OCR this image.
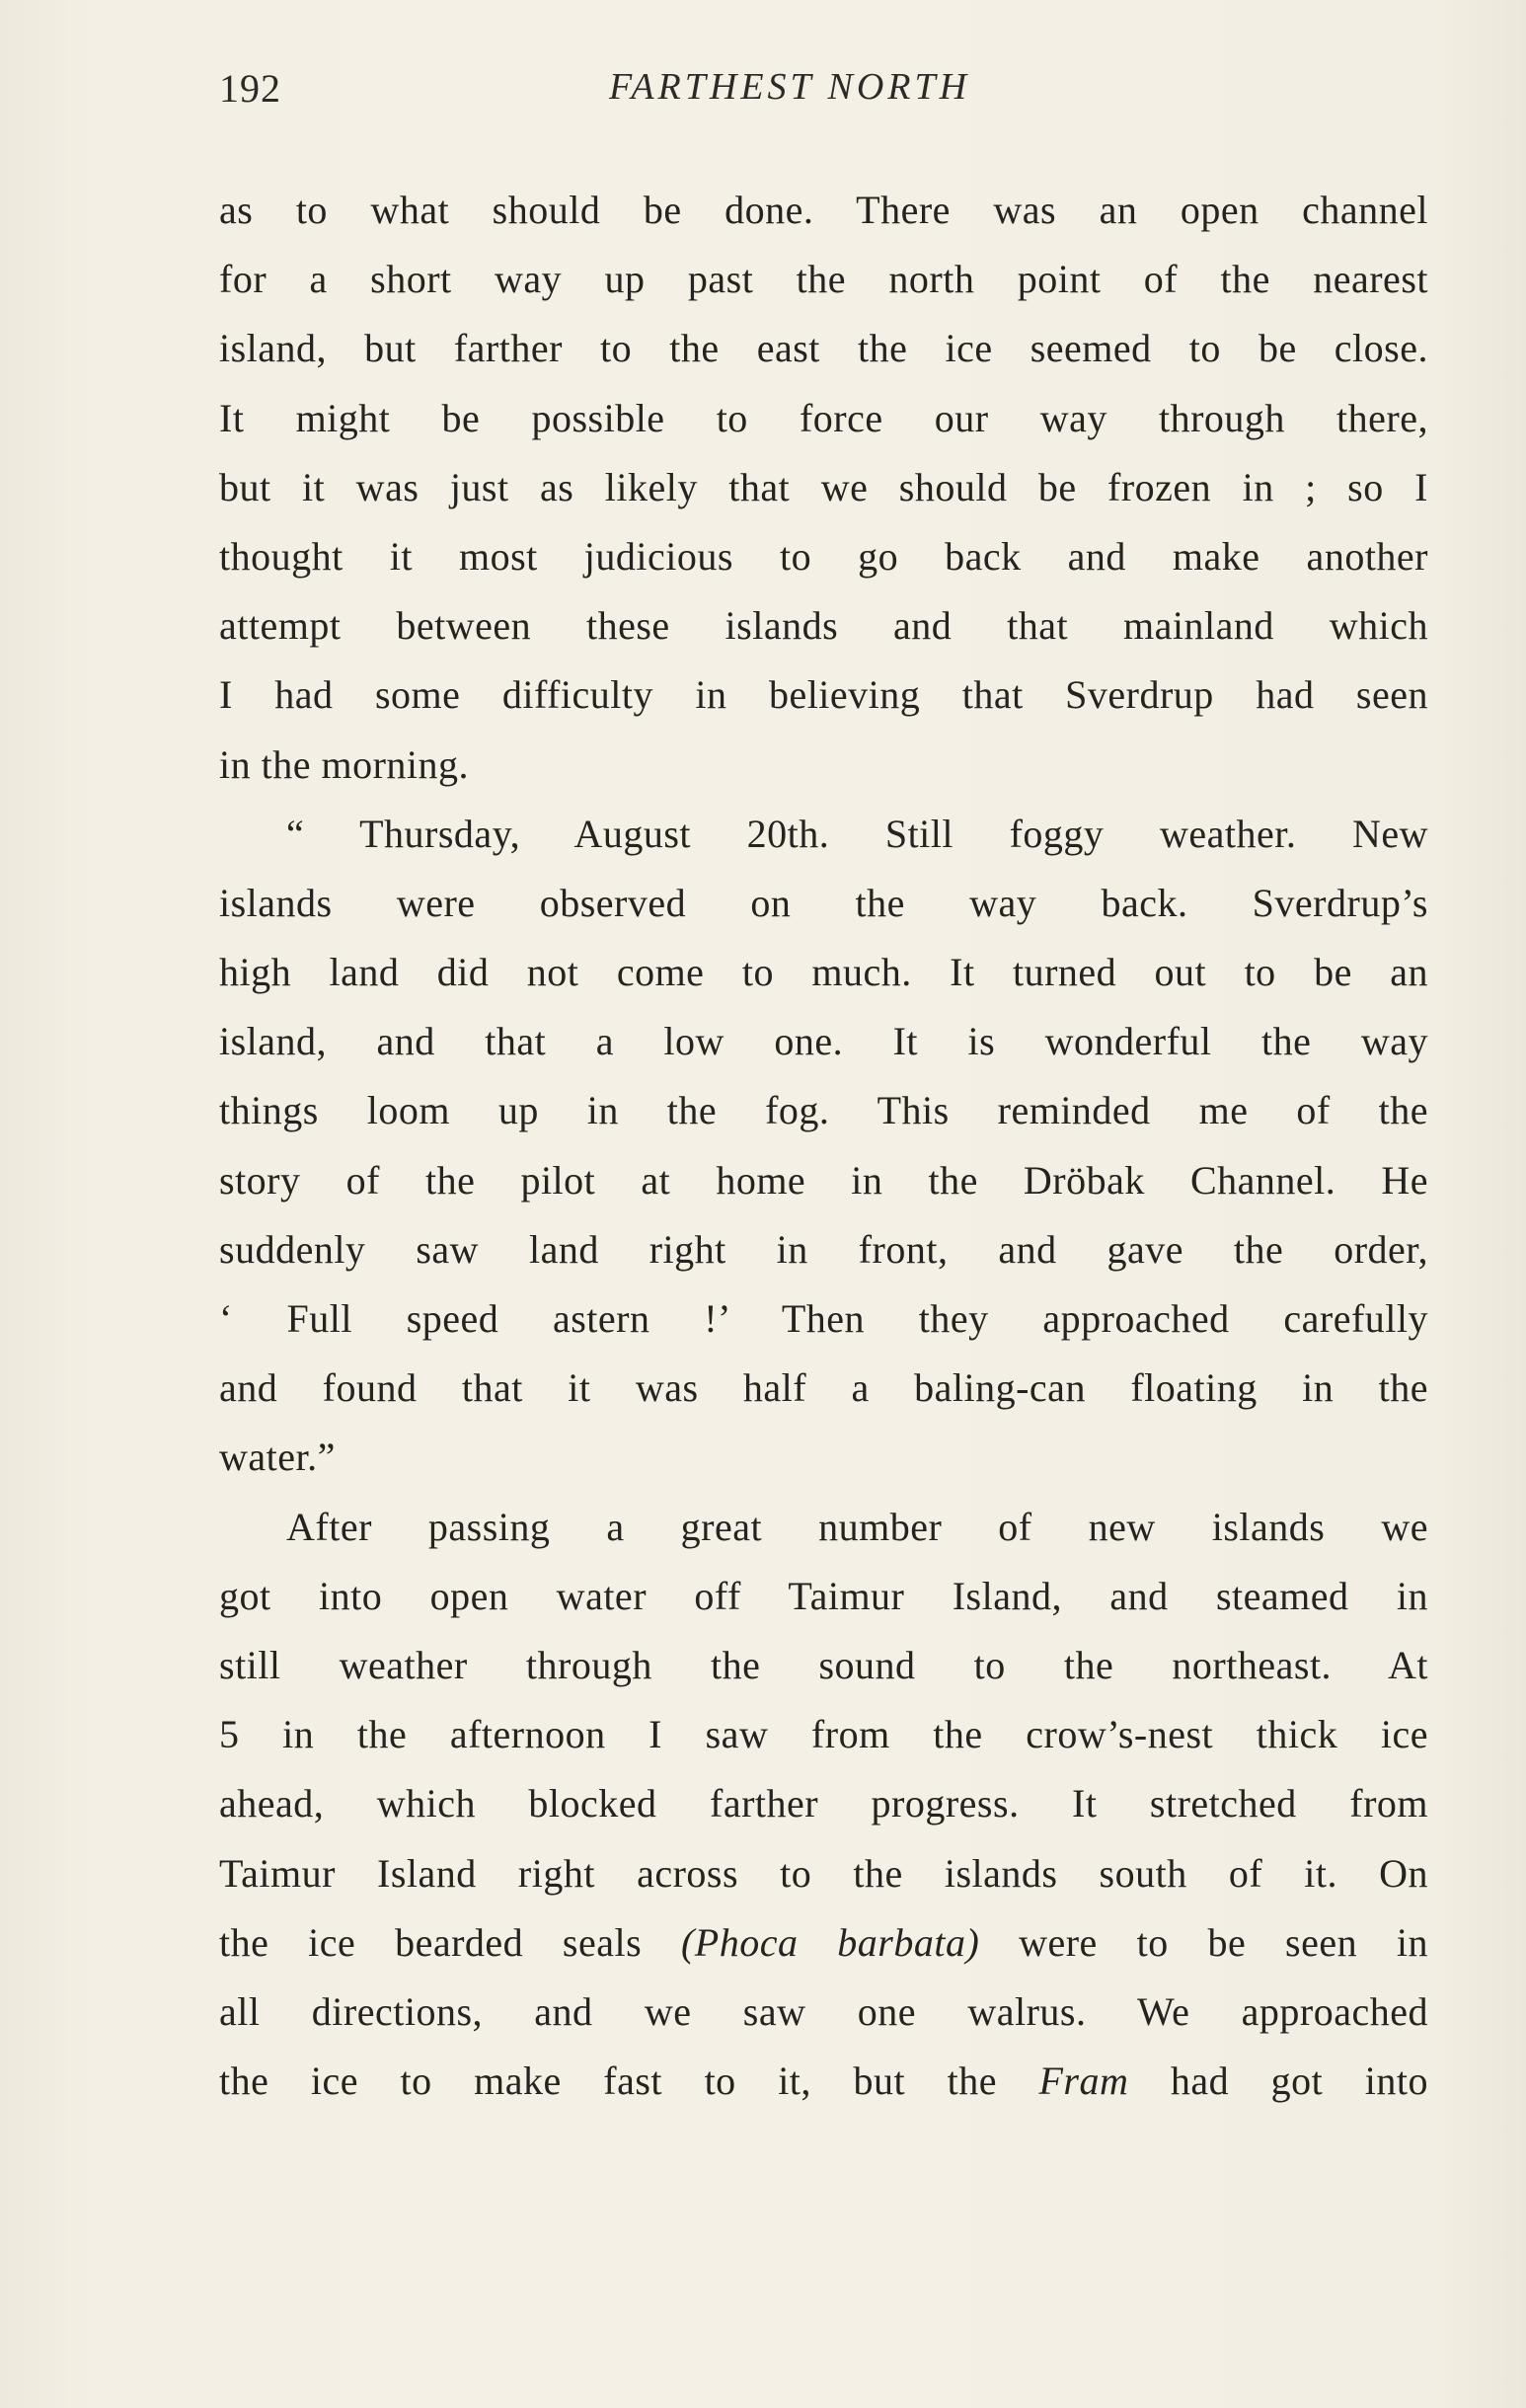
192	FARTHEST NORTH
as to what should be done. There was an open channel
for a short way up past the north point of the nearest
island, but farther to the east the ice seemed to be close.
It might be possible to force our way through there,
but it was just as likely that we should be frozen in ; so I
thought it most judicious to go back and make another
attempt between these islands and that mainland which
I had some difficulty in believing that Sverdrup had seen
in the morning.
“ Thursday, August 20th. Still foggy weather. New
islands were observed on the way back. Sverdrup’s
high land did not come to much. It turned out to be an
island, and that a low one. It is wonderful the way
things loom up in the fog. This reminded me of the
story of the pilot at home in the Dröbak Channel. He
suddenly saw land right in front, and gave the order,
‘ Full speed astern !’ Then they approached carefully
and found that it was half a baling-can floating in the
water.”
After passing a great number of new islands we
got into open water off Taimur Island, and steamed in
still weather through the sound to the northeast. At
5 in the afternoon I saw from the crow’s-nest thick ice
ahead, which blocked farther progress. It stretched from
Taimur Island right across to the islands south of it. On
the ice bearded seals (Phoca barbata) were to be seen in
all directions, and we saw one walrus. We approached
the ice to make fast to it, but the Fram had got into
